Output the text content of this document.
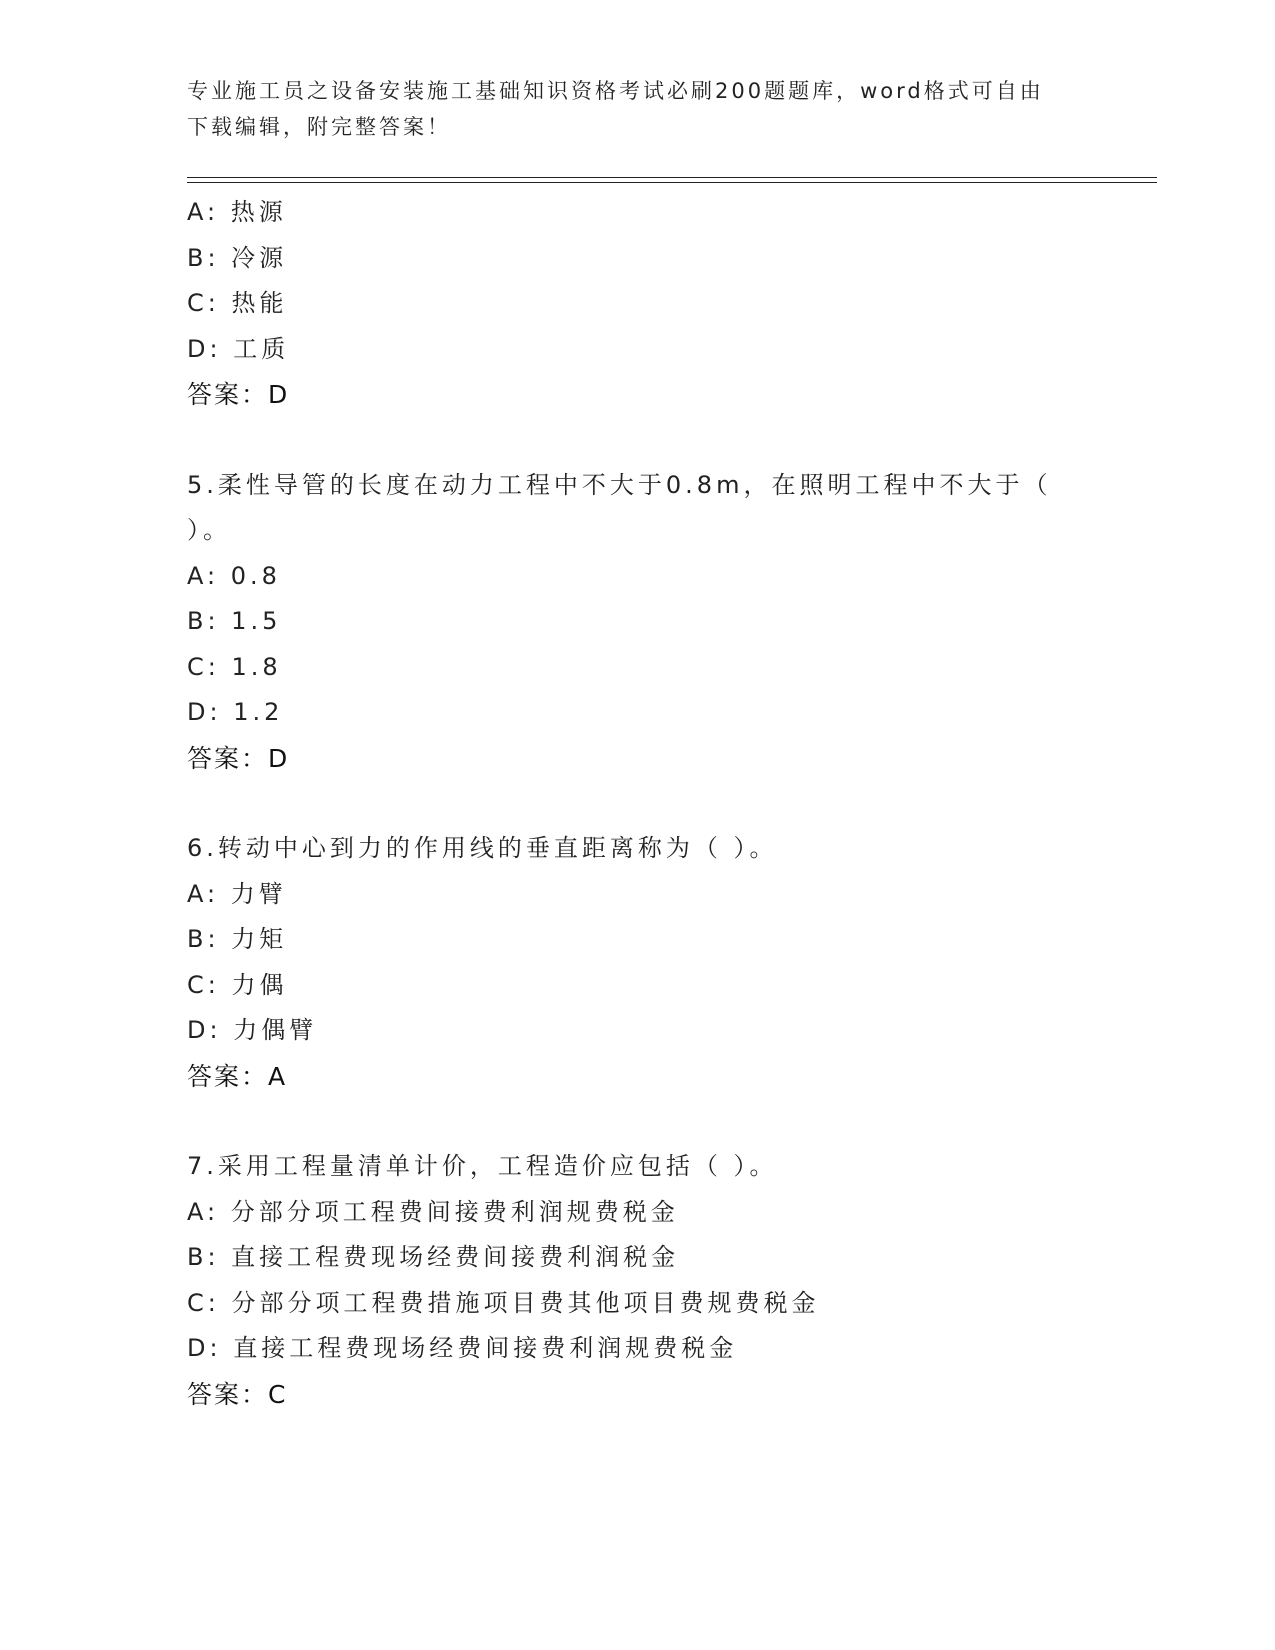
专业施工员之设备安装施工基础知识资格考试必刷200题题库，word格式可自由
下载编辑，附完整答案！
A: 热源
B: 冷源
C: 热能
D: 工质
答案：D
5.柔性导管的长度在动力工程中不大于0.8m，在照明工程中不大于（
）。
A: 0.8
B: 1.5
C: 1.8
D: 1.2
答案：D
6.转动中心到力的作用线的垂直距离称为（ ）。
A: 力臂
B: 力矩
C: 力偶
D: 力偶臂
答案：A
7.采用工程量清单计价，工程造价应包括（ ）。
A: 分部分项工程费间接费利润规费税金
B: 直接工程费现场经费间接费利润税金
C: 分部分项工程费措施项目费其他项目费规费税金
D: 直接工程费现场经费间接费利润规费税金
答案：C
